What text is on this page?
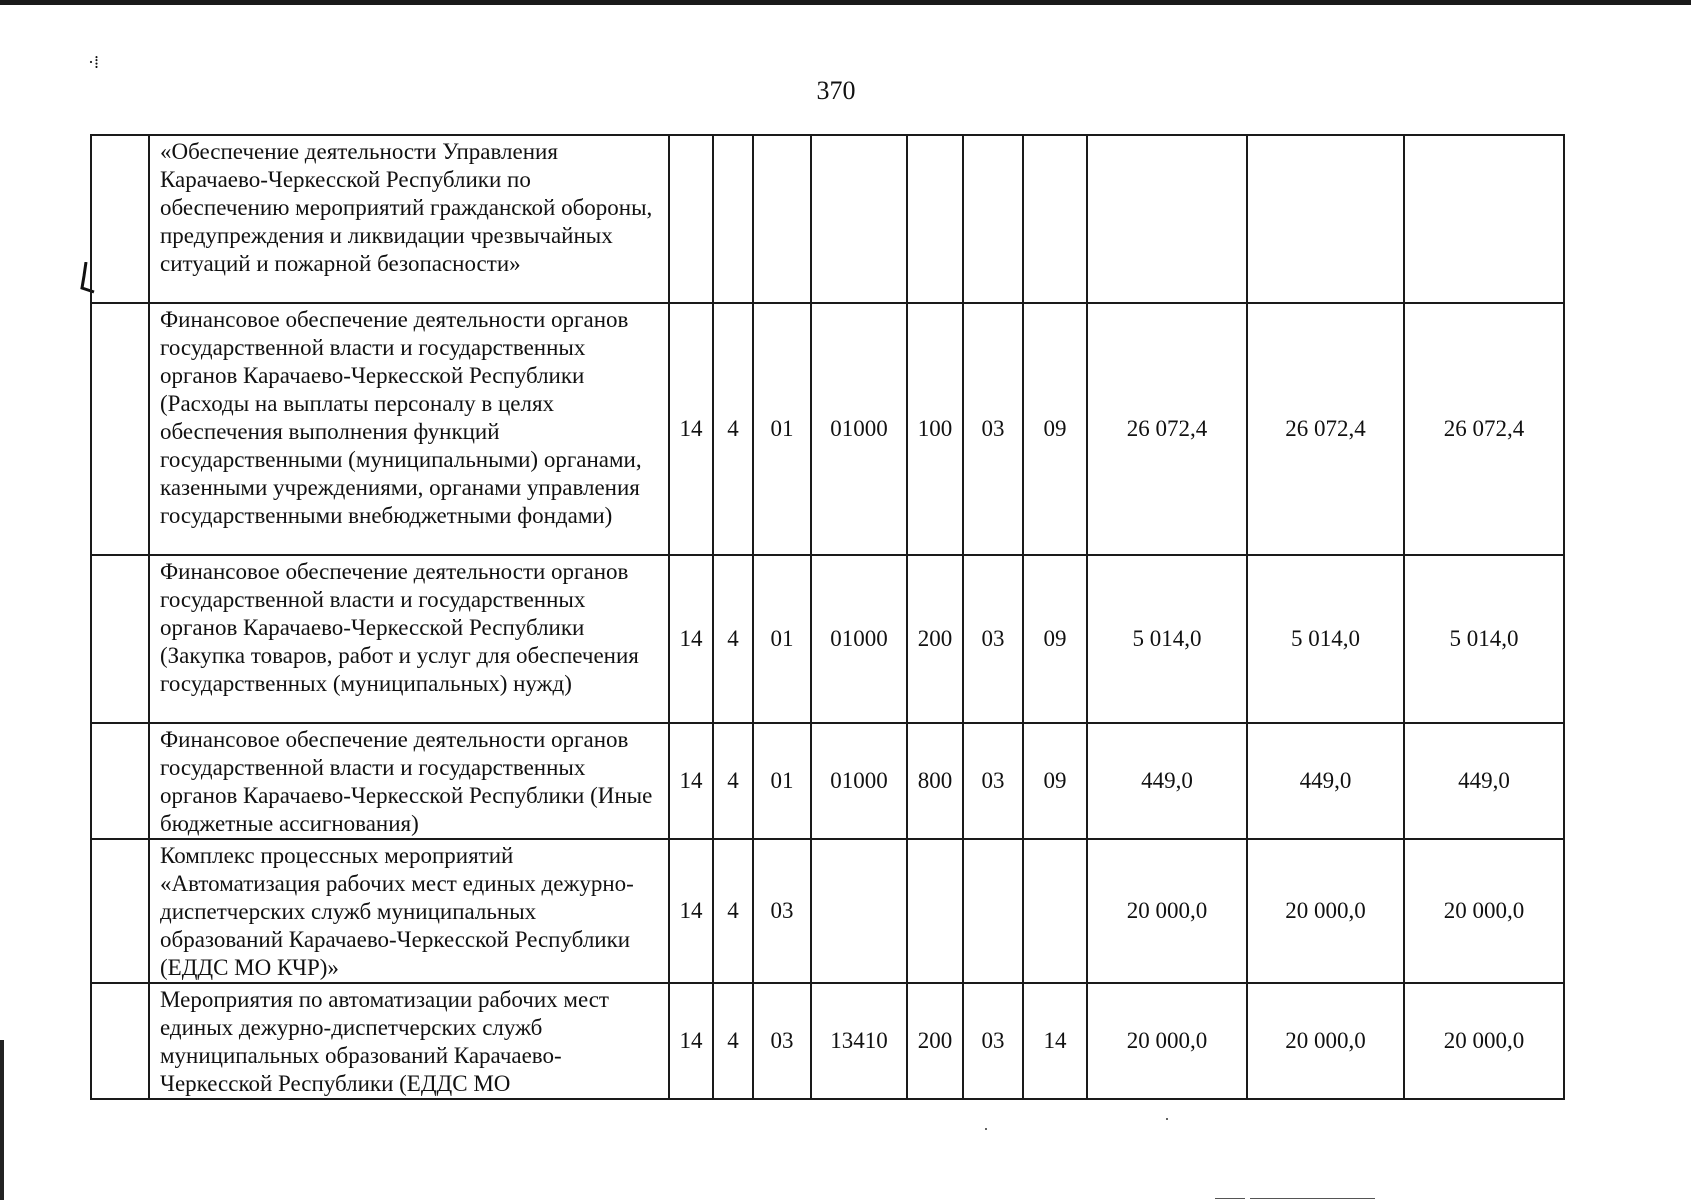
·⁞
370
	«Обеспечение деятельности Управления Карачаево-Черкесской Республики по обеспечению мероприятий гражданской обороны, предупреждения и ликвидации чрезвычайных ситуаций и пожарной безопасности»										
	Финансовое обеспечение деятельности органов государственной власти и государственных органов Карачаево-Черкесской Республики (Расходы на выплаты персоналу в целях обеспечения выполнения функций государственными (муниципальными) органами, казенными учреждениями, органами управления государственными внебюджетными фондами)	14	4	01	01000	100	03	09	26 072,4	26 072,4	26 072,4
	Финансовое обеспечение деятельности органов государственной власти и государственных органов Карачаево-Черкесской Республики (Закупка товаров, работ и услуг для обеспечения государственных (муниципальных) нужд)	14	4	01	01000	200	03	09	5 014,0	5 014,0	5 014,0
	Финансовое обеспечение деятельности органов государственной власти и государственных органов Карачаево-Черкесской Республики (Иные бюджетные ассигнования)	14	4	01	01000	800	03	09	449,0	449,0	449,0
	Комплекс процессных мероприятий «Автоматизация рабочих мест единых дежурно-диспетчерских служб муниципальных образований Карачаево-Черкесской Республики (ЕДДС МО КЧР)»	14	4	03					20 000,0	20 000,0	20 000,0
	Мероприятия по автоматизации рабочих мест единых дежурно-диспетчерских служб муниципальных образований Карачаево-Черкесской Республики (ЕДДС МО	14	4	03	13410	200	03	14	20 000,0	20 000,0	20 000,0
